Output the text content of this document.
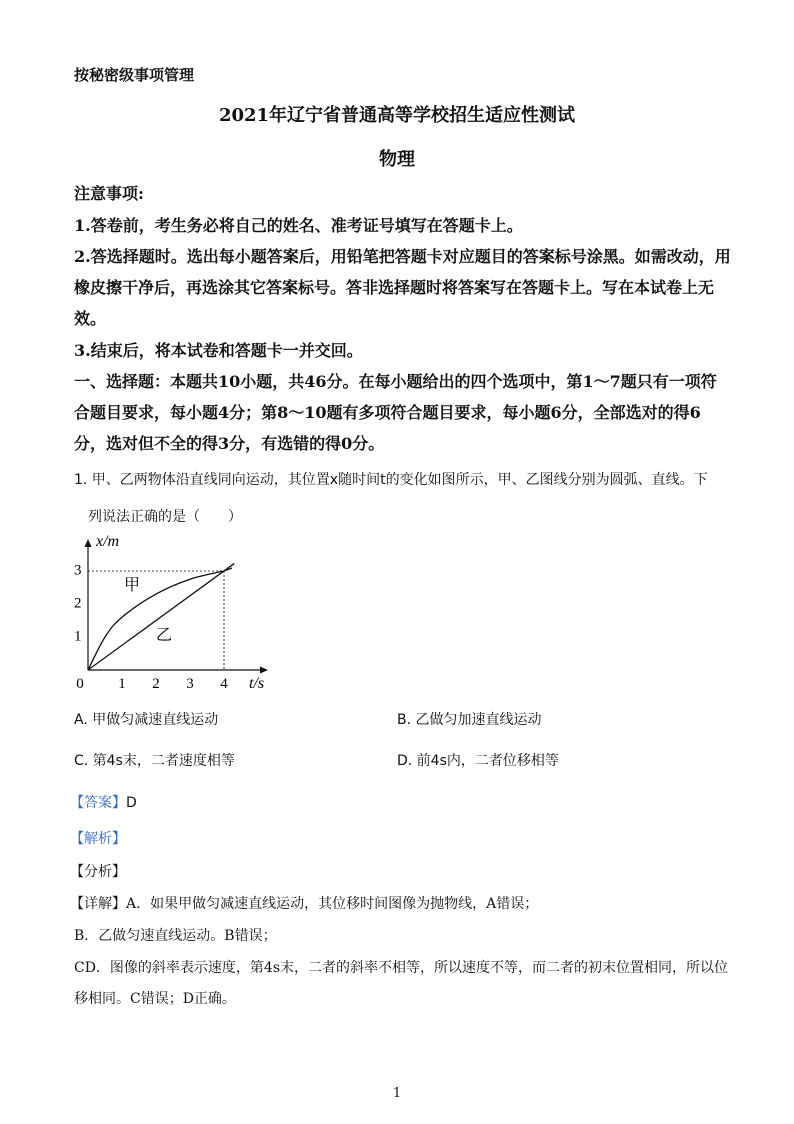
按秘密级事项管理
2021年辽宁省普通高等学校招生适应性测试
物理
注意事项:
1.答卷前，考生务必将自己的姓名、准考证号填写在答题卡上。
2.答选择题时。选出每小题答案后，用铅笔把答题卡对应题目的答案标号涂黑。如需改动，用
橡皮擦干净后，再选涂其它答案标号。答非选择题时将答案写在答题卡上。写在本试卷上无
效。
3.结束后，将本试卷和答题卡一并交回。
一、选择题：本题共10小题，共46分。在每小题给出的四个选项中，第1～7题只有一项符
合题目要求，每小题4分；第8～10题有多项符合题目要求，每小题6分，全部选对的得6
分，选对但不全的得3分，有选错的得0分。
1. 甲、乙两物体沿直线同向运动，其位置x随时间t的变化如图所示，甲、乙图线分别为圆弧、直线。下
列说法正确的是（　　）
1
2
3
0 1 2 3 4
x/m
t/s
甲
乙
A. 甲做匀减速直线运动	B. 乙做匀加速直线运动
C. 第4s末，二者速度相等	D. 前4s内，二者位移相等
【答案】D
【解析】
【分析】
【详解】A．如果甲做匀减速直线运动，其位移时间图像为抛物线，A错误；
B．乙做匀速直线运动。B错误；
CD．图像的斜率表示速度，第4s末，二者的斜率不相等，所以速度不等，而二者的初末位置相同，所以位
移相同。C错误；D正确。
1
